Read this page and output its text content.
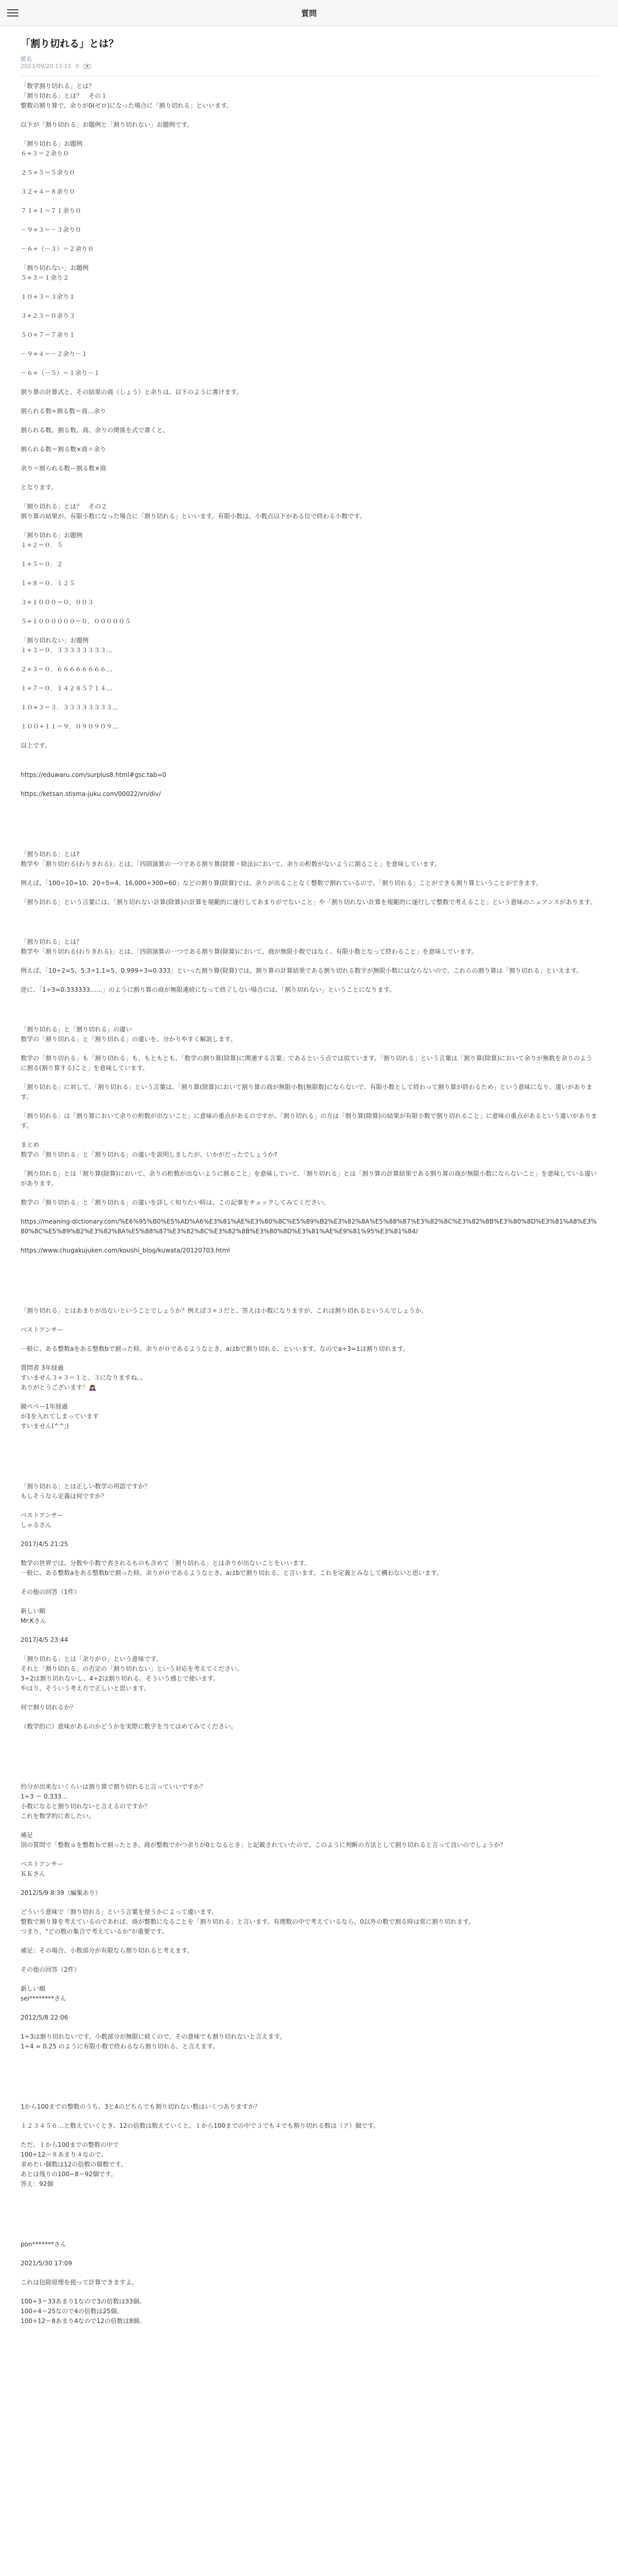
質問
「割り切れる」とは？
匿名
2023/09/20 13:11 0
「数学割り切れる」とは？
「割り切れる」とは？　その１
整数の割り算で、余りが0(ゼロ)になった場合に「割り切れる」といいます。
以下が「割り切れる」お題例と「割り切れない」お題例です。
「割り切れる」お題例
６÷３＝２余り０
２５÷５＝５余り０
３２÷４＝８余り０
７１÷１＝７１余り０
－９÷３＝－３余り０
－６÷（－３）＝２余り０
「割り切れない」お題例
５÷３＝１余り２
１０÷３＝３余り１
３÷２３＝０余り３
５０÷７＝７余り１
－９÷４＝－２余り－１
－６÷（－５）＝１余り－１
割り算の計算式と、その結果の商（しょう）と余りは、以下のように書けます。
割られる数÷割る数＝商…余り
割られる数、割る数、商、余りの関係を式で書くと、
割られる数＝割る数×商＋余り
余り＝割られる数ー割る数×商
となります。
「割り切れる」とは？　その２
割り算の結果が、有限小数になった場合に「割り切れる」といいます。有限小数は、小数点以下がある位で終わる小数です。
「割り切れる」お題例
１÷２＝０．５
１÷５＝０．２
１÷８＝０．１２５
３÷１０００＝０．００３
５÷１００００００＝０．０００００５
「割り切れない」お題例
１÷３＝０．３３３３３３３３…
２÷３＝０．６６６６６６６６…
１÷７＝０．１４２８５７１４…
１０÷３＝３．３３３３３３３３…
１００÷１１＝９．０９０９０９…
以上です。
https://eduwaru.com/surplus8.html#gsc.tab=0
https://ketsan.stisma-juku.com/00022/vn/div/
「割り切れる」とは?
数学や「割り切れる(わりきれる)」とは、「四則演算の一つである割り算(除算・除法)において、余りの桁数がないように割ること」を意味しています。
例えば、「100÷10=10、20÷5=4、16,000÷300=60」などの割り算(除算)では、余りが出ることなく整数で割れているので、「割り切れる」ことができる割り算ということができます。
「割り切れる」という言葉には、「割り切れない計算(除算)の計算を規範的に遂行してあまりがでないこと」や「割り切れない計算を規範的に遂行して整数で考えること」という意味のニュアンスがあります。
「割り切れる」とは？
数学や「割り切れる(わりきれる)」とは、「四則演算の一つである割り算(除算)において、商が無限小数ではなく、有限小数となって終わること」を意味しています。
例えば、「10÷2=5、5.3÷1.1=5、0.999÷3=0.333」といった割り算(除算)では、割り算の計算結果である割り切れる数字が無限小数にはならないので、これらの割り算は「割り切れる」といえます。
逆に、「1÷3=0.333333……」のように割り算の商が無限連続になって終了しない場合には、「割り切れない」ということになります。
「割り切れる」と「割り切れる」の違い
数学の「割り切れる」と「割り切れる」の違いを、分かりやすく解説します。
数学の「割り切れる」も「割り切れる」も、もともとも、「数学の割り算(除算)に関連する言葉」であるという点では似ています。「割り切れる」という言葉は「割り算(除算)において余りが無数を余りのように割る(割り算する)こと」を意味しています。
「割り切れる」に対して、「割り切れる」という言葉は、「割り算(除算)において割り算の商が無限小数(無限数)にならないで、有限小数として終わって割り算が終わるため」という意味になり、違いがあります。
「割り切れる」は「割り算において余りの桁数が出ないこと」に意味の重点があるのですが、「割り切れる」の方は「割り算(除算)の結果が有限小数で割り切れること」に意味の重点があるという違いがあります。
まとめ
数学の「割り切れる」と「割り切れる」の違いを説明しましたが、いかがだったでしょうか?
「割り切れる」とは「割り算(除算)において、余りの桁数が出ないように割ること」を意味していて、「割り切れる」とは「割り算の計算結果である割り算の商が無限小数にならないこと」を意味している違いがあります。
数学の「割り切れる」と「割り切れる」の違いを詳しく知りたい時は、この記事をチェックしてみてください。
https://meaning-dictionary.com/%E6%95%B0%E5%AD%A6%E3%81%AE%E3%80%8C%E5%89%B2%E3%82%8A%E5%88%87%E3%82%8C%E3%82%8B%E3%80%8D%E3%81%A8%E3%80%8C%E5%89%B2%E3%82%8A%E5%88%87%E3%82%8C%E3%82%8B%E3%80%8D%E3%81%AE%E9%81%95%E3%81%84/
https://www.chugakujuken.com/koushi_blog/kuwata/20120703.html
「割り切れる」とはあまりが出ないということでしょうか？例えば３÷３だと、答えは小数になりますが、これは割り切れるというんでしょうか。
ベストアンサー
一般に、ある整数aをある整数bで割った時、余りが０であるようなとき、aはbで割り切れる、といいます。なのでa÷3=1は割り切れます。
質問者 3年経過
すいません３÷３＝１と、３になりますね。。
ありがとうございます！🙇‍♀️
鏡ペペー1年経過
が1を入れてしまっています
すいません(^^;)
「割り切れる」とは正しい数学の用語ですか？
もしそうなら定義は何ですか？
ベストアンサー
しゃるさん
2017/4/5 21:25
数学の世界では、分数や小数で表されるものも含めて「割り切れる」とは余りが出ないことをいいます。
一般に、ある整数aをある整数bで割った時、余りが０であるようなとき、aはbで割り切れる、と言います。これを定義とみなして構わないと思います。
その他の回答（1件）
新しい順
Mr.Kさん
2017/4/5 23:44
「割り切れる」とは「余りが０」という意味です。
それと「割り切れる」の否定の「割り切れない」という対応を考えてください。
3÷2は割り切れないし、4÷2は割り切れる。そういう感じで使います。
やはり、そういう考え方で正しいと思います。
何で割り切れるか？
（数学的に）意味があるのかどうかを実際に数字を当てはめてみてください。
約分が出来ないくらいは割り算で割り切れると言っていいですか？
1÷3 ＝ 0.333…
小数になると割り切れないと言えるのですか？
これを数学的に表したい。
補足
別の質問で「整数ａを整数ｂで割ったとき、商が整数でかつ余りが0となるとき」と記載されていたので、このように判断の方法として割り切れると言って良いのでしょうか？
ベストアンサー
ＫＫさん
2012/5/9 8:39（編集あり）
どういう意味で「割り切れる」という言葉を使うかによって違います。
整数で割り算を考えているのであれば、商が整数になることを「割り切れる」と言います。有理数の中で考えているなら、0以外の数で割る時は常に割り切れます。
つまり、"どの数の集合で考えているか"が重要です。
補足：その場合、小数部分が有限なら割り切れると考えます。
その他の回答（2件）
新しい順
sei********さん
2012/5/8 22:06
1÷3は割り切れないです。小数部分が無限に続くので、その意味でも割り切れないと言えます。
1÷4 = 0.25 のように有限小数で終わるなら割り切れる、と言えます。
1から100までの整数のうち、3と4のどちらでも割り切れない数はいくつありますか？
１２３４５６…と数えていくとき、12の倍数は数えていくと、１から100までの中で３でも４でも割り切れる数は（ア）個です。
ただ、１から100までの整数の中で
100÷12＝８あまり４なので、
求めたい個数は12の倍数の個数です。
あとは残りの100−8＝92個です。
答え：92個
pon*******さん
2021/5/30 17:09
これは包除原理を使って計算できますよ。
100÷3＝33あまり1なので3の倍数は33個。
100÷4＝25なので4の倍数は25個。
100÷12＝8あまり4なので12の倍数は8個。
